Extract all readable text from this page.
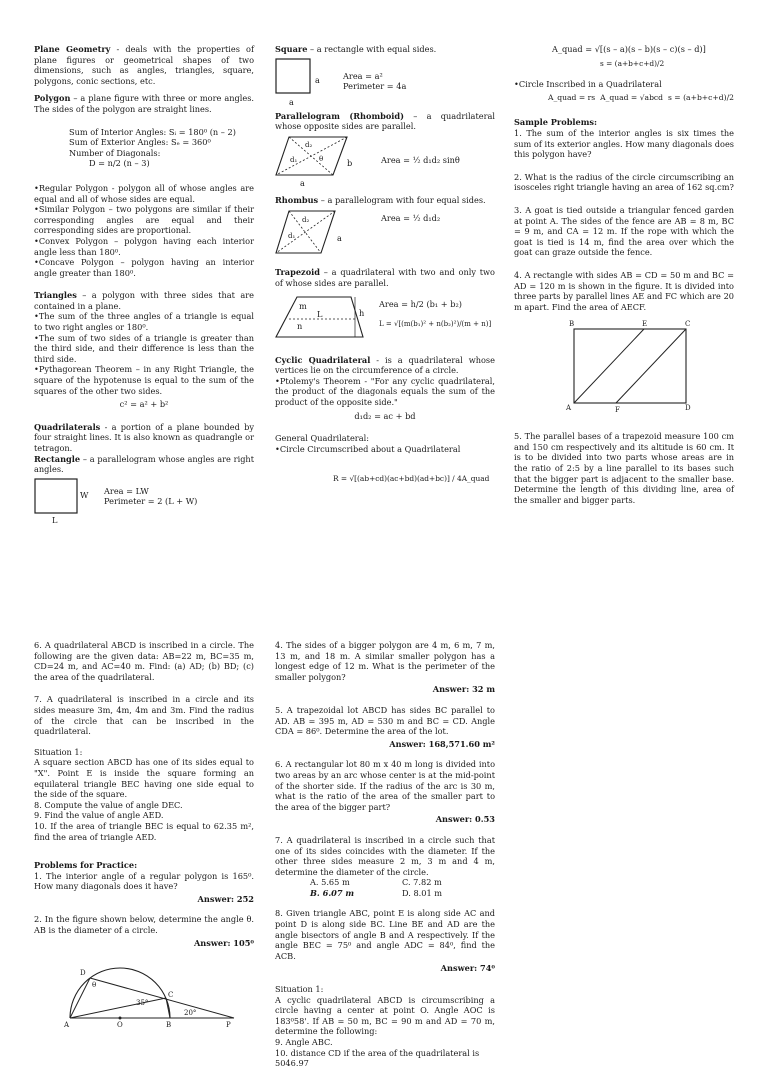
Plane Geometry - deals with the properties of plane figures or geometrical shapes of two dimensions, such as angles, triangles, square, polygons, conic sections, etc.

Polygon – a plane figure with three or more angles. The sides of the polygon are straight lines.

Sum of Interior Angles: Sᵢ = 180⁰ (n – 2)
Sum of Exterior Angles: Sₑ = 360⁰
Number of Diagonals:
D = n/2 (n – 3)
•Regular Polygon - polygon all of whose angles are equal and all of whose sides are equal.
•Similar Polygon – two polygons are similar if their corresponding angles are equal and their corresponding sides are proportional.
•Convex Polygon – polygon having each interior angle less than 180⁰.
•Concave Polygon – polygon having an interior angle greater than 180⁰.
Triangles – a polygon with three sides that are contained in a plane.
•The sum of the three angles of a triangle is equal to two right angles or 180⁰.
•The sum of two sides of a triangle is greater than the third side, and their difference is less than the third side.
•Pythagorean Theorem – in any Right Triangle, the square of the hypotenuse is equal to the sum of the squares of the other two sides.
c² = a² + b²
Quadrilaterals - a portion of a plane bounded by four straight lines. It is also known as quadrangle or tetragon.
Rectangle – a parallelogram whose angles are right angles.
W
L
Area = LW
Perimeter = 2 (L + W)
Square – a rectangle with equal sides.
a
a
Area = a²
Perimeter = 4a
Parallelogram (Rhomboid) – a quadrilateral whose opposite sides are parallel.
d₂
d₁	θ	b
a
Area = ½ d₁d₂ sinθ
Rhombus – a parallelogram with four equal sides.
d₂
d₁	a
Area = ½ d₁d₂
Trapezoid – a quadrilateral with two and only two of whose sides are parallel.
m
n
L	h
Area = h/2 (b₁ + b₂)
L = √[(m(b₁)² + n(b₂)²)/(m + n)]
Cyclic Quadrilateral - is a quadrilateral whose vertices lie on the circumference of a circle.
•Ptolemy's Theorem - "For any cyclic quadrilateral, the product of the diagonals equals the sum of the product of the opposite side."
d₁d₂ = ac + bd
General Quadrilateral:
•Circle Circumscribed about a Quadrilateral
R = √[(ab+cd)(ac+bd)(ad+bc)] / 4A_quad
A_quad = √[(s – a)(s – b)(s – c)(s – d)]
s = (a+b+c+d)/2
•Circle Inscribed in a Quadrilateral
A_quad = rs A_quad = √abcd s = (a+b+c+d)/2
Sample Problems:

1. The sum of the interior angles is six times the sum of its exterior angles. How many diagonals does this polygon have?

2. What is the radius of the circle circumscribing an isosceles right triangle having an area of 162 sq.cm?

3. A goat is tied outside a triangular fenced garden at point A. The sides of the fence are AB = 8 m, BC = 9 m, and CA = 12 m. If the rope with which the goat is tied is 14 m, find the area over which the goat can graze outside the fence.

4. A rectangle with sides AB = CD = 50 m and BC = AD = 120 m is shown in the figure. It is divided into three parts by parallel lines AE and FC which are 20 m apart. Find the area of AECF.

B	E	C
A	F	D

5. The parallel bases of a trapezoid measure 100 cm and 150 cm respectively and its altitude is 60 cm. It is to be divided into two parts whose areas are in the ratio of 2:5 by a line parallel to its bases such that the bigger part is adjacent to the smaller base. Determine the length of this dividing line, area of the smaller and bigger parts.

6. A quadrilateral ABCD is inscribed in a circle. The following are the given data: AB=22 m, BC=35 m, CD=24 m, and AC=40 m. Find: (a) AD; (b) BD; (c) the area of the quadrilateral.

7. A quadrilateral is inscribed in a circle and its sides measure 3m, 4m, 4m and 3m. Find the radius of the circle that can be inscribed in the quadrilateral.

Situation 1:
A square section ABCD has one of its sides equal to "X". Point E is inside the square forming an equilateral triangle BEC having one side equal to the side of the square.
8. Compute the value of angle DEC.
9. Find the value of angle AED.
10. If the area of triangle BEC is equal to 62.35 m², find the area of triangle AED.
Problems for Practice:
1. The interior angle of a regular polygon is 165⁰. How many diagonals does it have?
Answer: 252
2. In the figure shown below, determine the angle θ. AB is the diameter of a circle.
Answer: 105⁰
D
θ
C
35°
20°
A	O	B	P
4. The sides of a bigger polygon are 4 m, 6 m, 7 m, 13 m, and 18 m. A similar smaller polygon has a longest edge of 12 m. What is the perimeter of the smaller polygon?
Answer: 32 m
5. A trapezoidal lot ABCD has sides BC parallel to AD. AB = 395 m, AD = 530 m and BC = CD. Angle CDA = 86⁰. Determine the area of the lot.
Answer: 168,571.60 m²
6. A rectangular lot 80 m x 40 m long is divided into two areas by an arc whose center is at the mid-point of the shorter side. If the radius of the arc is 30 m, what is the ratio of the area of the smaller part to the area of the bigger part?
Answer: 0.53
7. A quadrilateral is inscribed in a circle such that one of its sides coincides with the diameter. If the other three sides measure 2 m, 3 m and 4 m, determine the diameter of the circle.
A. 5.65 m	C. 7.82 m
B. 6.07 m	D. 8.01 m
8. Given triangle ABC, point E is along side AC and point D is along side BC. Line BE and AD are the angle bisectors of angle B and A respectively. If the angle BEC = 75⁰ and angle ADC = 84⁰, find the ACB.
Answer: 74⁰
Situation 1:
A cyclic quadrilateral ABCD is circumscribing a circle having a center at point O. Angle AOC is 183⁰58'. If AB = 50 m, BC = 90 m and AD = 70 m, determine the following:
9. Angle ABC.
10. distance CD if the area of the quadrilateral is 5046.97
